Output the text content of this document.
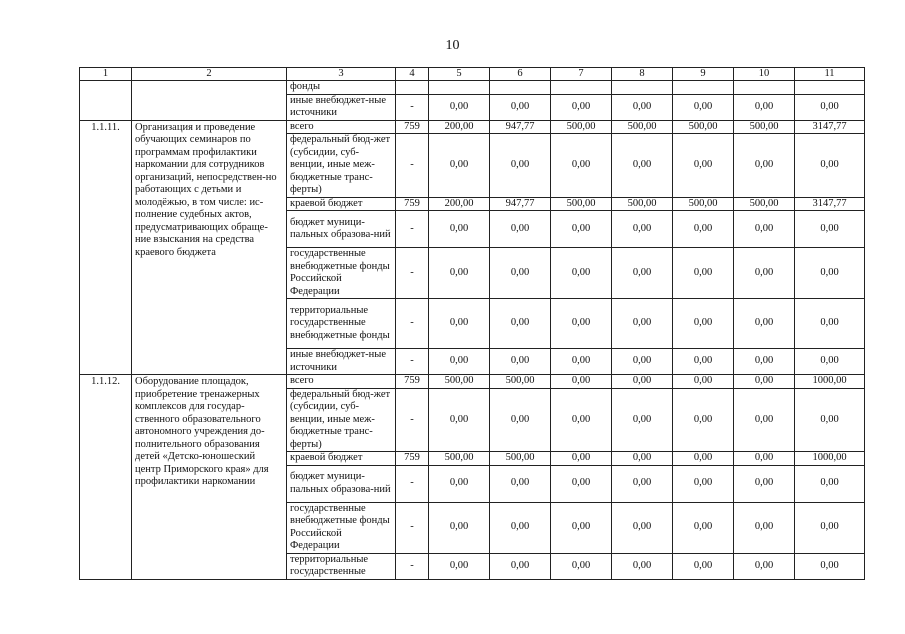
10
1	2	3	4	5	6	7	8	9	10	11
		фонды								
		иные внебюджет-ные источники	-	0,00	0,00	0,00	0,00	0,00	0,00	0,00
1.1.11.	Организация и проведение обучающих семинаров по программам профилактики наркомании для сотрудников организаций, непосредствен-но работающих с детьми и молодёжью, в том числе: ис-полнение судебных актов, предусматривающих обраще-ние взыскания на средства краевого бюджета	всего	759	200,00	947,77	500,00	500,00	500,00	500,00	3147,77
		федеральный бюд-жет (субсидии, суб-венции, иные меж-бюджетные транс-ферты)	-	0,00	0,00	0,00	0,00	0,00	0,00	0,00
		краевой бюджет	759	200,00	947,77	500,00	500,00	500,00	500,00	3147,77
		бюджет муници-пальных образова-ний	-	0,00	0,00	0,00	0,00	0,00	0,00	0,00
		государственные внебюджетные фонды Российской Федерации	-	0,00	0,00	0,00	0,00	0,00	0,00	0,00
		территориальные государственные внебюджетные фонды	-	0,00	0,00	0,00	0,00	0,00	0,00	0,00
		иные внебюджет-ные источники	-	0,00	0,00	0,00	0,00	0,00	0,00	0,00
1.1.12.	Оборудование площадок, приобретение тренажерных комплексов для государ-ственного образовательного автономного учреждения до-полнительного образования детей «Детско-юношеский центр Приморского края» для профилактики наркомании	всего	759	500,00	500,00	0,00	0,00	0,00	0,00	1000,00
		федеральный бюд-жет (субсидии, суб-венции, иные меж-бюджетные транс-ферты)	-	0,00	0,00	0,00	0,00	0,00	0,00	0,00
		краевой бюджет	759	500,00	500,00	0,00	0,00	0,00	0,00	1000,00
		бюджет муници-пальных образова-ний	-	0,00	0,00	0,00	0,00	0,00	0,00	0,00
		государственные внебюджетные фонды Российской Федерации	-	0,00	0,00	0,00	0,00	0,00	0,00	0,00
		территориальные государственные	-	0,00	0,00	0,00	0,00	0,00	0,00	0,00
